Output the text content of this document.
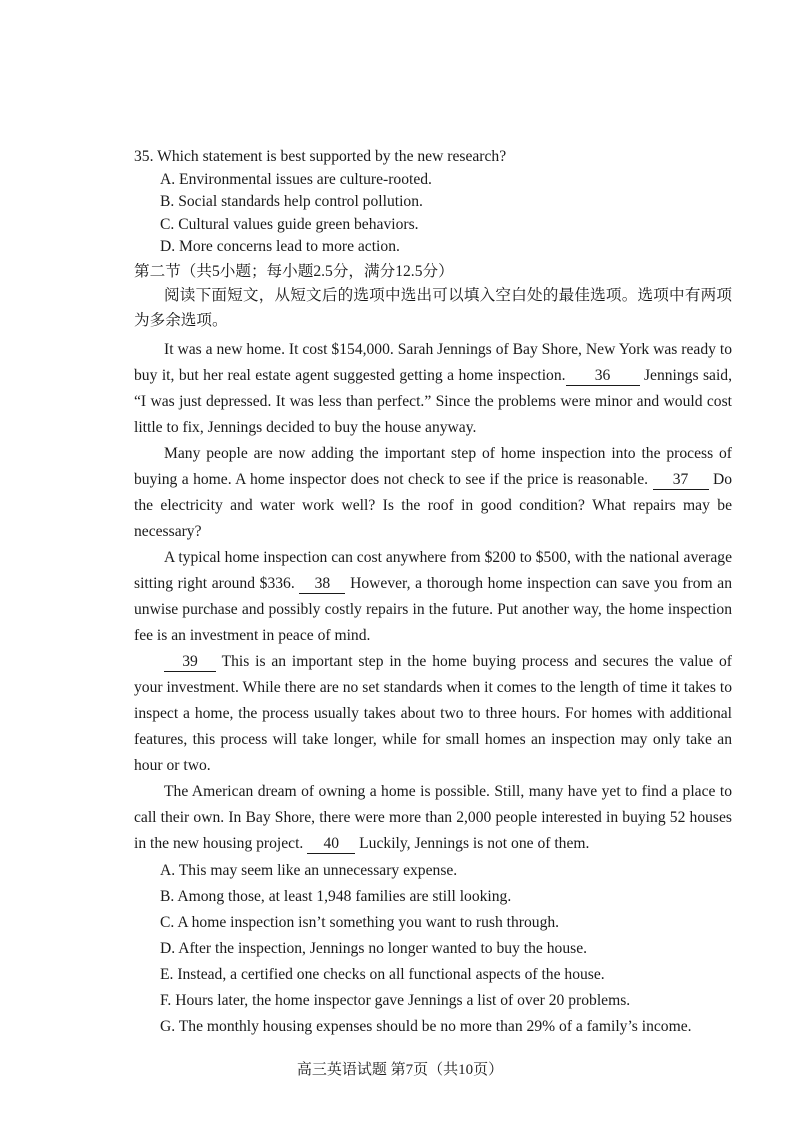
35. Which statement is best supported by the new research?
A. Environmental issues are culture-rooted.
B. Social standards help control pollution.
C. Cultural values guide green behaviors.
D. More concerns lead to more action.
第二节（共5小题；每小题2.5分，满分12.5分）

阅读下面短文，从短文后的选项中选出可以填入空白处的最佳选项。选项中有两项为多余选项。

It was a new home. It cost $154,000. Sarah Jennings of Bay Shore, New York was ready to buy it, but her real estate agent suggested getting a home inspection. 36 Jennings said, “I was just depressed. It was less than perfect.” Since the problems were minor and would cost little to fix, Jennings decided to buy the house anyway.

Many people are now adding the important step of home inspection into the process of buying a home. A home inspector does not check to see if the price is reasonable. 37 Do the electricity and water work well? Is the roof in good condition? What repairs may be necessary?

A typical home inspection can cost anywhere from $200 to $500, with the national average sitting right around $336. 38 However, a thorough home inspection can save you from an unwise purchase and possibly costly repairs in the future. Put another way, the home inspection fee is an investment in peace of mind.

39 This is an important step in the home buying process and secures the value of your investment. While there are no set standards when it comes to the length of time it takes to inspect a home, the process usually takes about two to three hours. For homes with additional features, this process will take longer, while for small homes an inspection may only take an hour or two.

The American dream of owning a home is possible. Still, many have yet to find a place to call their own. In Bay Shore, there were more than 2,000 people interested in buying 52 houses in the new housing project. 40 Luckily, Jennings is not one of them.

A. This may seem like an unnecessary expense.
B. Among those, at least 1,948 families are still looking.
C. A home inspection isn’t something you want to rush through.
D. After the inspection, Jennings no longer wanted to buy the house.
E. Instead, a certified one checks on all functional aspects of the house.
F. Hours later, the home inspector gave Jennings a list of over 20 problems.
G. The monthly housing expenses should be no more than 29% of a family’s income.
高三英语试题 第7页（共10页）
